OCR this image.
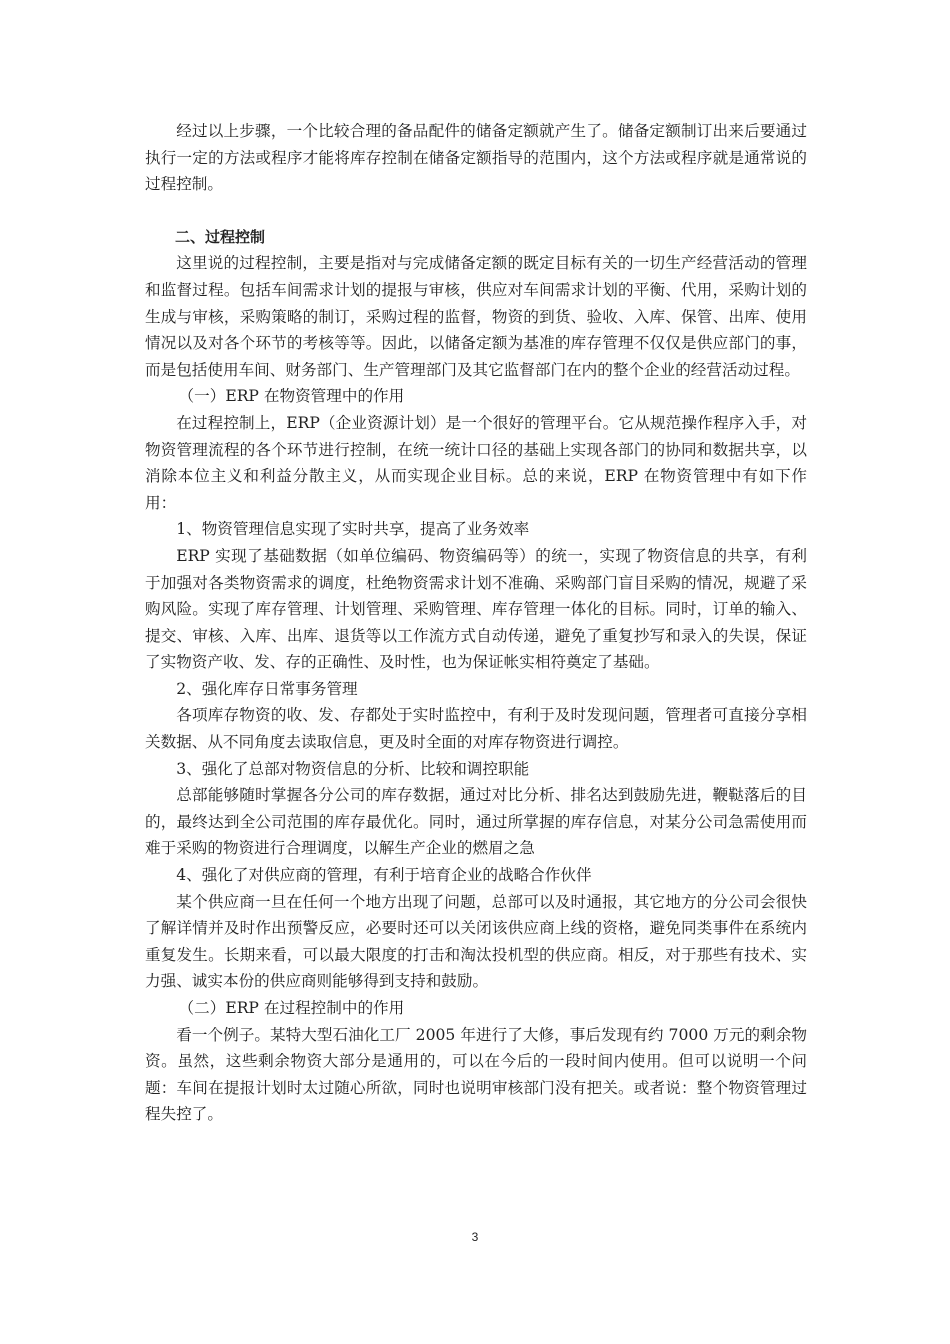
经过以上步骤，一个比较合理的备品配件的储备定额就产生了。储备定额制订出来后要通过执行一定的方法或程序才能将库存控制在储备定额指导的范围内，这个方法或程序就是通常说的过程控制。

二、过程控制

这里说的过程控制，主要是指对与完成储备定额的既定目标有关的一切生产经营活动的管理和监督过程。包括车间需求计划的提报与审核，供应对车间需求计划的平衡、代用，采购计划的生成与审核，采购策略的制订，采购过程的监督，物资的到货、验收、入库、保管、出库、使用情况以及对各个环节的考核等等。因此，以储备定额为基准的库存管理不仅仅是供应部门的事，而是包括使用车间、财务部门、生产管理部门及其它监督部门在内的整个企业的经营活动过程。

（一）ERP 在物资管理中的作用

在过程控制上，ERP（企业资源计划）是一个很好的管理平台。它从规范操作程序入手，对物资管理流程的各个环节进行控制，在统一统计口径的基础上实现各部门的协同和数据共享，以消除本位主义和利益分散主义，从而实现企业目标。总的来说，ERP 在物资管理中有如下作用：

1、物资管理信息实现了实时共享，提高了业务效率

ERP 实现了基础数据（如单位编码、物资编码等）的统一，实现了物资信息的共享，有利于加强对各类物资需求的调度，杜绝物资需求计划不准确、采购部门盲目采购的情况，规避了采购风险。实现了库存管理、计划管理、采购管理、库存管理一体化的目标。同时，订单的输入、提交、审核、入库、出库、退货等以工作流方式自动传递，避免了重复抄写和录入的失误，保证了实物资产收、发、存的正确性、及时性，也为保证帐实相符奠定了基础。

2、强化库存日常事务管理

各项库存物资的收、发、存都处于实时监控中，有利于及时发现问题，管理者可直接分享相关数据、从不同角度去读取信息，更及时全面的对库存物资进行调控。

3、强化了总部对物资信息的分析、比较和调控职能

总部能够随时掌握各分公司的库存数据，通过对比分析、排名达到鼓励先进，鞭鞑落后的目的，最终达到全公司范围的库存最优化。同时，通过所掌握的库存信息，对某分公司急需使用而难于采购的物资进行合理调度，以解生产企业的燃眉之急

4、强化了对供应商的管理，有利于培育企业的战略合作伙伴

某个供应商一旦在任何一个地方出现了问题，总部可以及时通报，其它地方的分公司会很快了解详情并及时作出预警反应，必要时还可以关闭该供应商上线的资格，避免同类事件在系统内重复发生。长期来看，可以最大限度的打击和淘汰投机型的供应商。相反，对于那些有技术、实力强、诚实本份的供应商则能够得到支持和鼓励。

（二）ERP 在过程控制中的作用

看一个例子。某特大型石油化工厂 2005 年进行了大修，事后发现有约 7000 万元的剩余物资。虽然，这些剩余物资大部分是通用的，可以在今后的一段时间内使用。但可以说明一个问题：车间在提报计划时太过随心所欲，同时也说明审核部门没有把关。或者说：整个物资管理过程失控了。

3
